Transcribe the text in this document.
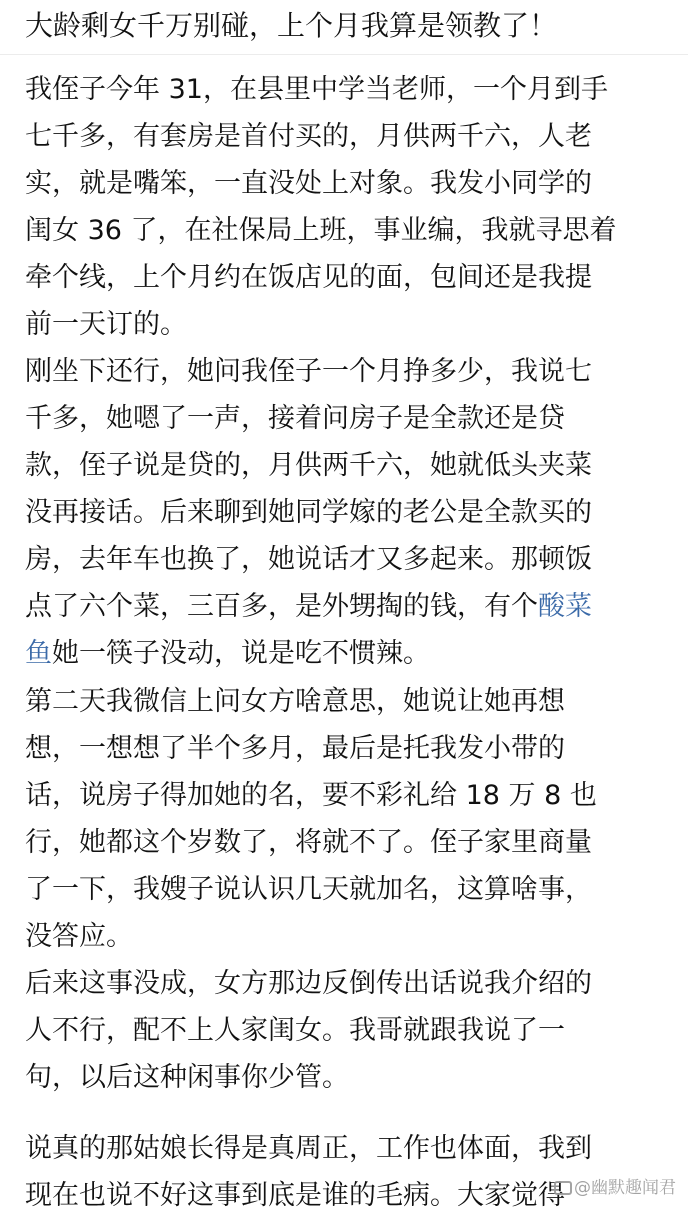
大龄剩女千万别碰，上个月我算是领教了！
我侄子今年 31，在县里中学当老师，一个月到手
七千多，有套房是首付买的，月供两千六，人老
实，就是嘴笨，一直没处上对象。我发小同学的
闺女 36 了，在社保局上班，事业编，我就寻思着
牵个线，上个月约在饭店见的面，包间还是我提
前一天订的。
刚坐下还行，她问我侄子一个月挣多少，我说七
千多，她嗯了一声，接着问房子是全款还是贷
款，侄子说是贷的，月供两千六，她就低头夹菜
没再接话。后来聊到她同学嫁的老公是全款买的
房，去年车也换了，她说话才又多起来。那顿饭
点了六个菜，三百多，是外甥掏的钱，有个酸菜
鱼她一筷子没动，说是吃不惯辣。
第二天我微信上问女方啥意思，她说让她再想
想，一想想了半个多月，最后是托我发小带的
话，说房子得加她的名，要不彩礼给 18 万 8 也
行，她都这个岁数了，将就不了。侄子家里商量
了一下，我嫂子说认识几天就加名，这算啥事，
没答应。
后来这事没成，女方那边反倒传出话说我介绍的
人不行，配不上人家闺女。我哥就跟我说了一
句，以后这种闲事你少管。
说真的那姑娘长得是真周正，工作也体面，我到
现在也说不好这事到底是谁的毛病。大家觉得 @幽默趣闻君
